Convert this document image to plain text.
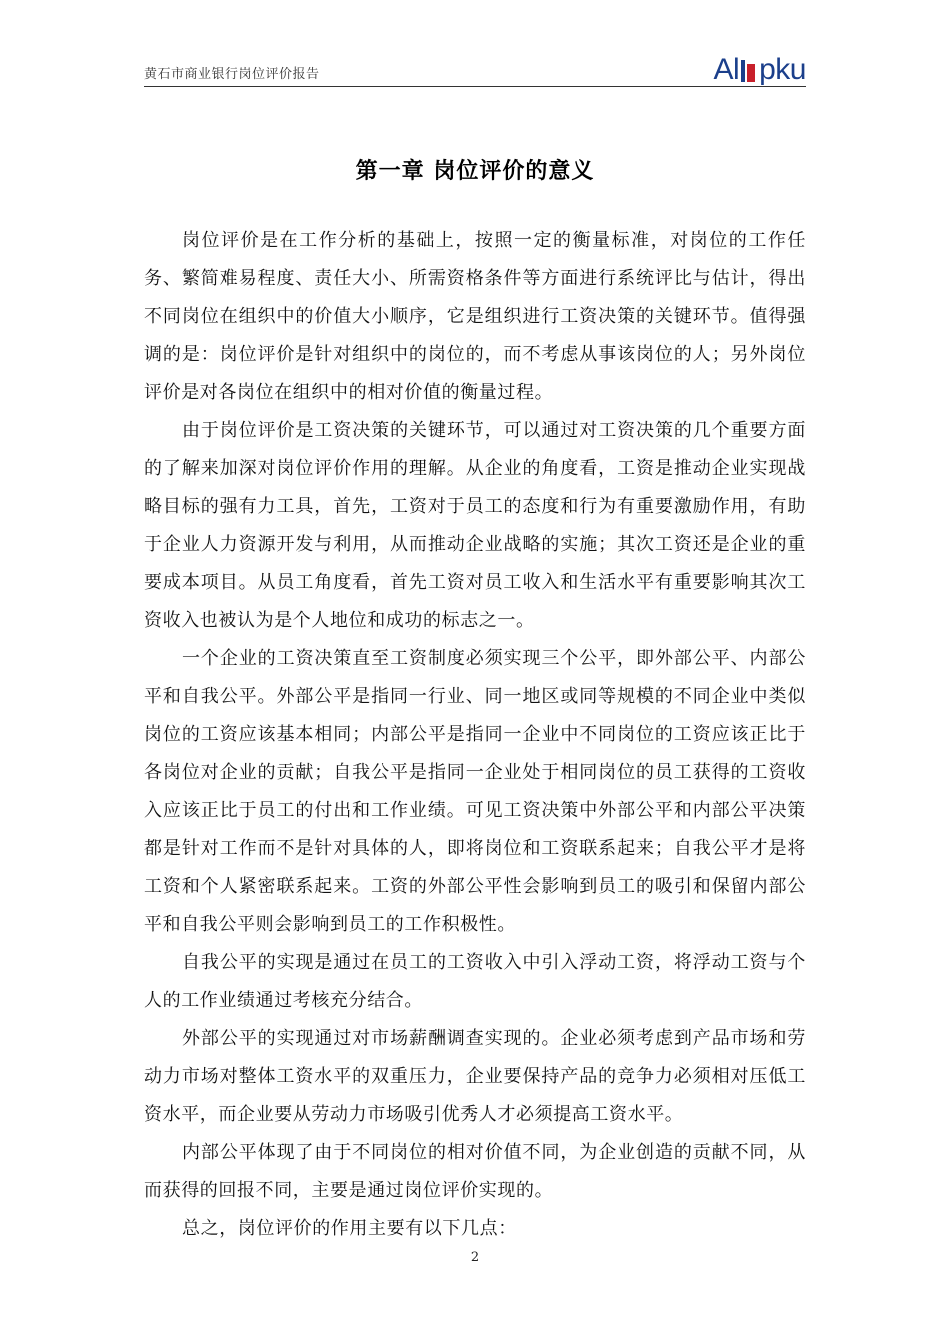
黄石市商业银行岗位评价报告	Al pku
第一章 岗位评价的意义

岗位评价是在工作分析的基础上，按照一定的衡量标准，对岗位的工作任务、繁简难易程度、责任大小、所需资格条件等方面进行系统评比与估计，得出不同岗位在组织中的价值大小顺序，它是组织进行工资决策的关键环节。值得强调的是：岗位评价是针对组织中的岗位的，而不考虑从事该岗位的人；另外岗位评价是对各岗位在组织中的相对价值的衡量过程。

由于岗位评价是工资决策的关键环节，可以通过对工资决策的几个重要方面的了解来加深对岗位评价作用的理解。从企业的角度看，工资是推动企业实现战略目标的强有力工具，首先，工资对于员工的态度和行为有重要激励作用，有助于企业人力资源开发与利用，从而推动企业战略的实施；其次工资还是企业的重要成本项目。从员工角度看，首先工资对员工收入和生活水平有重要影响其次工资收入也被认为是个人地位和成功的标志之一。

一个企业的工资决策直至工资制度必须实现三个公平，即外部公平、内部公平和自我公平。外部公平是指同一行业、同一地区或同等规模的不同企业中类似岗位的工资应该基本相同；内部公平是指同一企业中不同岗位的工资应该正比于各岗位对企业的贡献；自我公平是指同一企业处于相同岗位的员工获得的工资收入应该正比于员工的付出和工作业绩。可见工资决策中外部公平和内部公平决策都是针对工作而不是针对具体的人，即将岗位和工资联系起来；自我公平才是将工资和个人紧密联系起来。工资的外部公平性会影响到员工的吸引和保留内部公平和自我公平则会影响到员工的工作积极性。

自我公平的实现是通过在员工的工资收入中引入浮动工资，将浮动工资与个人的工作业绩通过考核充分结合。

外部公平的实现通过对市场薪酬调查实现的。企业必须考虑到产品市场和劳动力市场对整体工资水平的双重压力，企业要保持产品的竞争力必须相对压低工资水平，而企业要从劳动力市场吸引优秀人才必须提高工资水平。

内部公平体现了由于不同岗位的相对价值不同，为企业创造的贡献不同，从而获得的回报不同，主要是通过岗位评价实现的。

总之，岗位评价的作用主要有以下几点：

2
